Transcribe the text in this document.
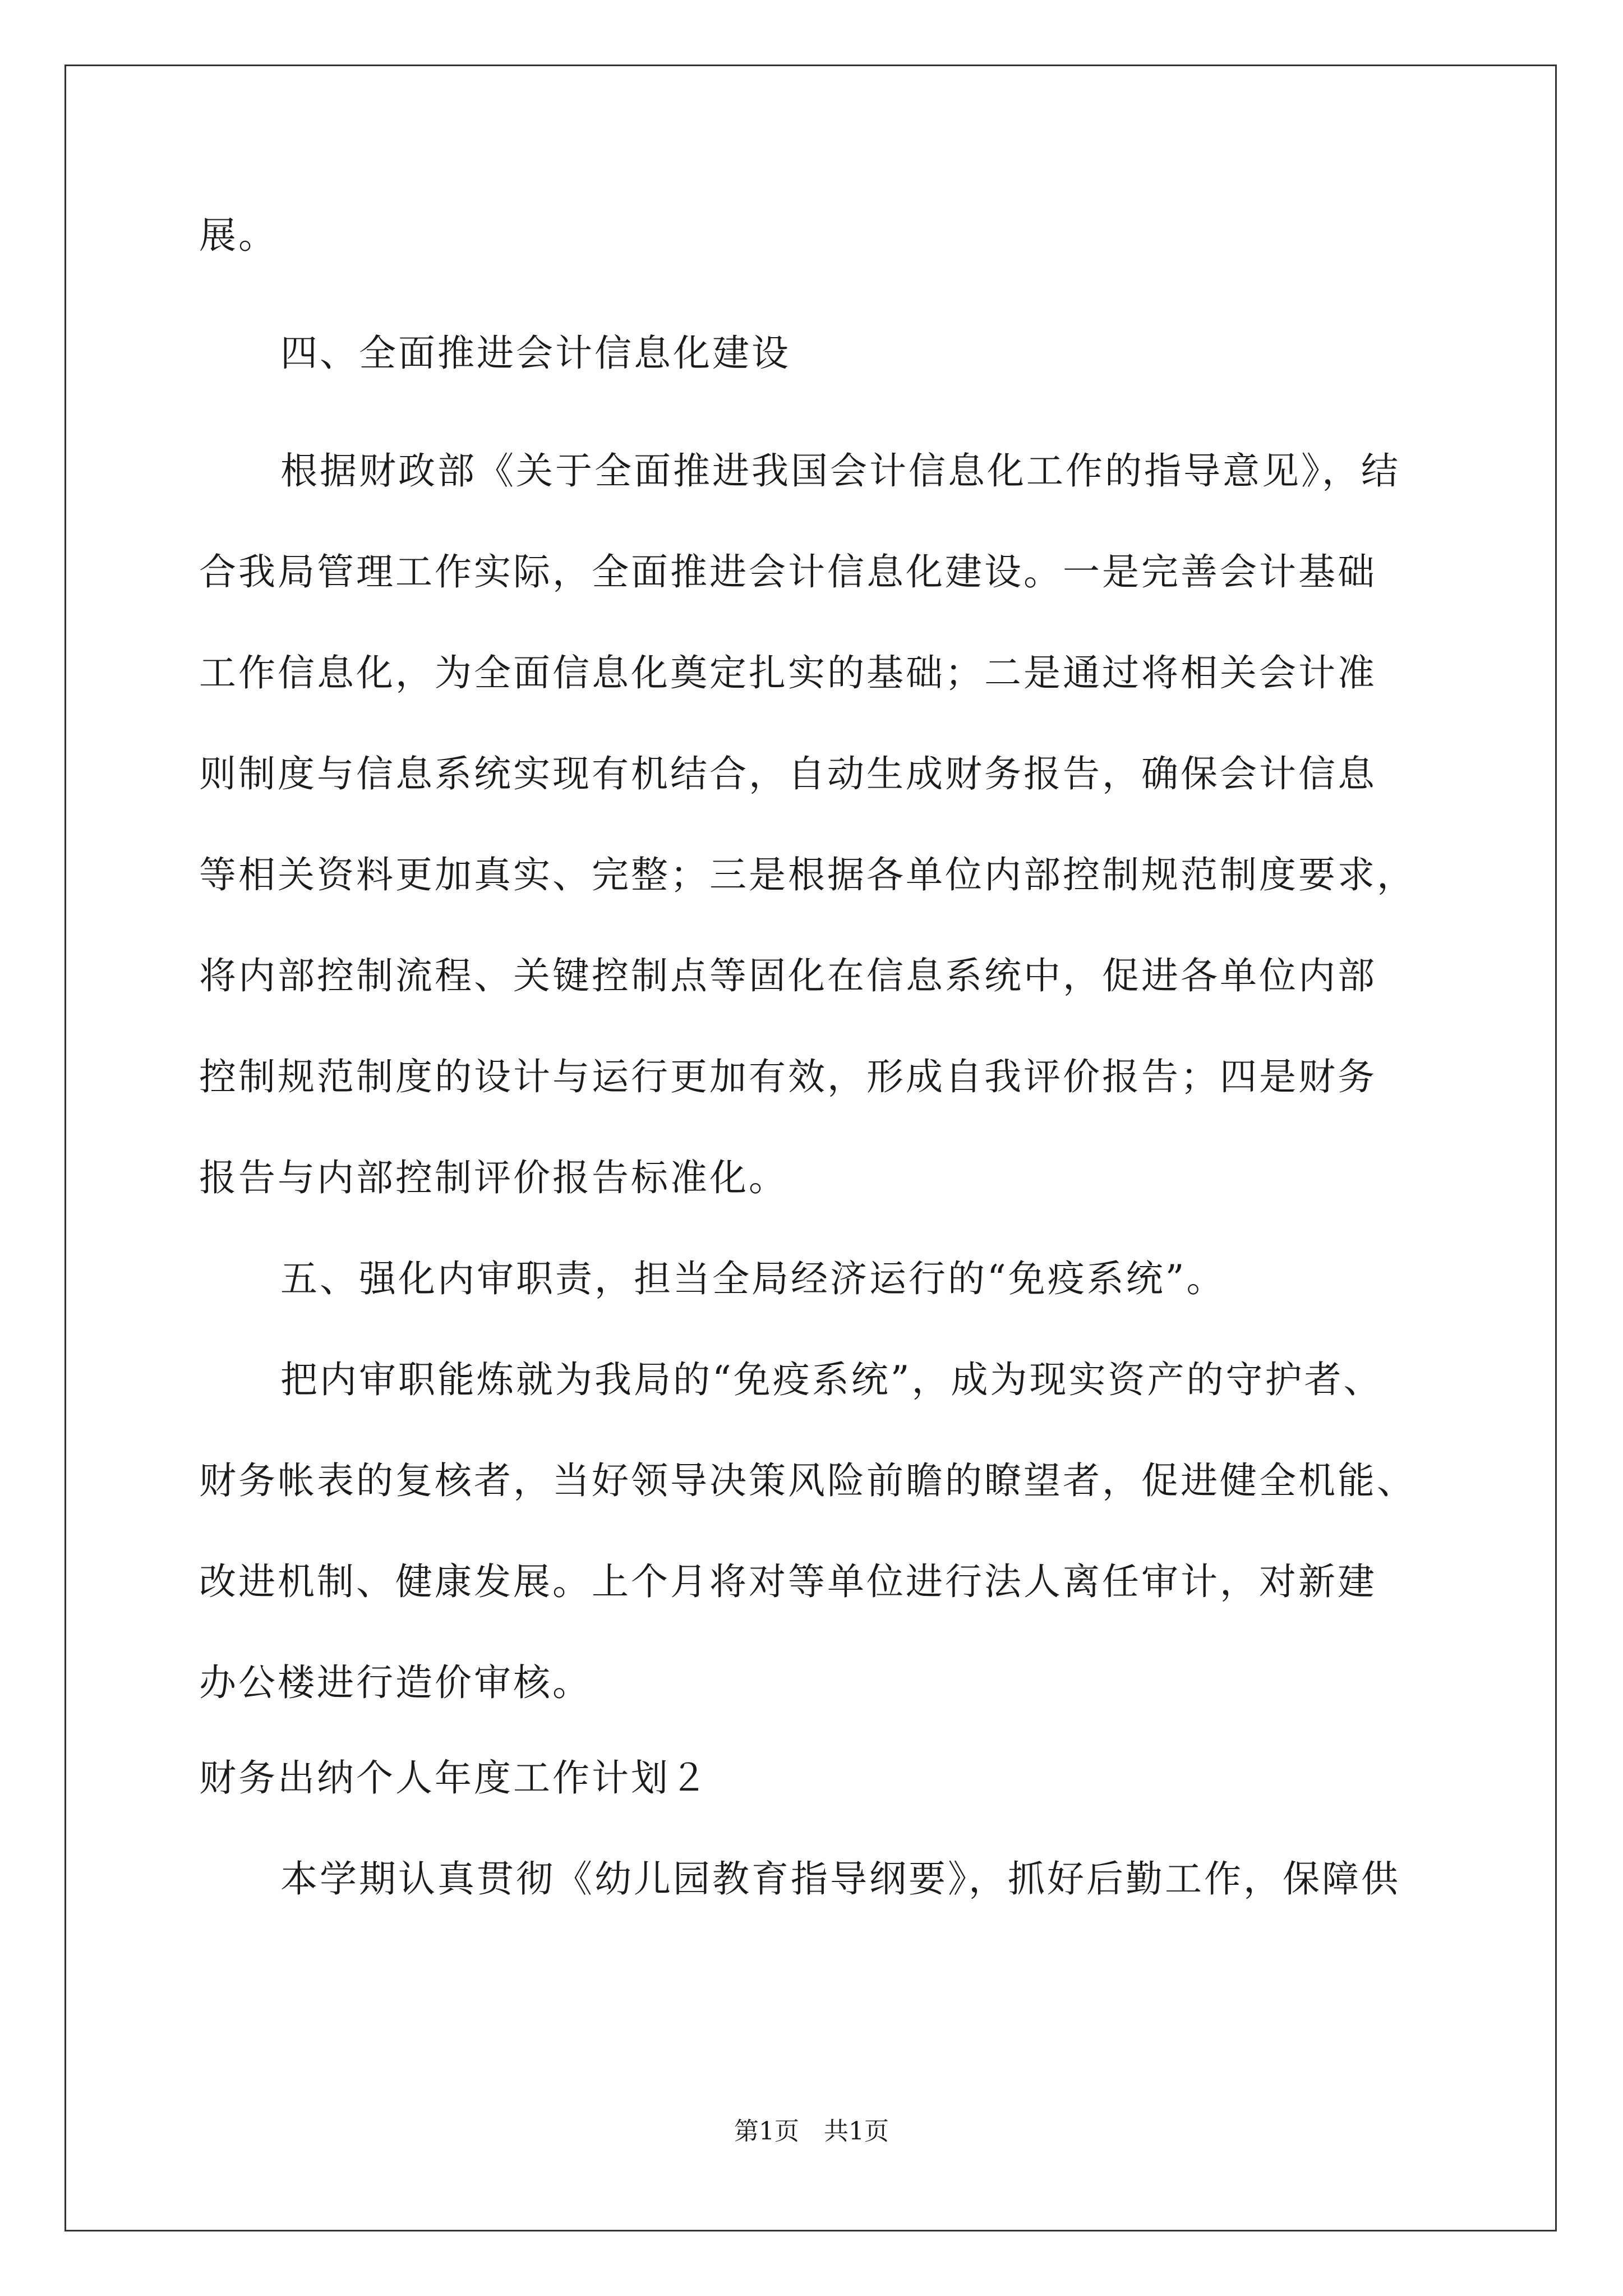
展。
四、全面推进会计信息化建设
根据财政部《关于全面推进我国会计信息化工作的指导意见》，结
合我局管理工作实际，全面推进会计信息化建设。一是完善会计基础
工作信息化，为全面信息化奠定扎实的基础；二是通过将相关会计准
则制度与信息系统实现有机结合，自动生成财务报告，确保会计信息
等相关资料更加真实、完整；三是根据各单位内部控制规范制度要求，
将内部控制流程、关键控制点等固化在信息系统中，促进各单位内部
控制规范制度的设计与运行更加有效，形成自我评价报告；四是财务
报告与内部控制评价报告标准化。
五、强化内审职责，担当全局经济运行的“免疫系统”。
把内审职能炼就为我局的“免疫系统”，成为现实资产的守护者、
财务帐表的复核者，当好领导决策风险前瞻的瞭望者，促进健全机能、
改进机制、健康发展。上个月将对等单位进行法人离任审计，对新建
办公楼进行造价审核。
财务出纳个人年度工作计划２
本学期认真贯彻《幼儿园教育指导纲要》，抓好后勤工作，保障供
第1页　共1页
